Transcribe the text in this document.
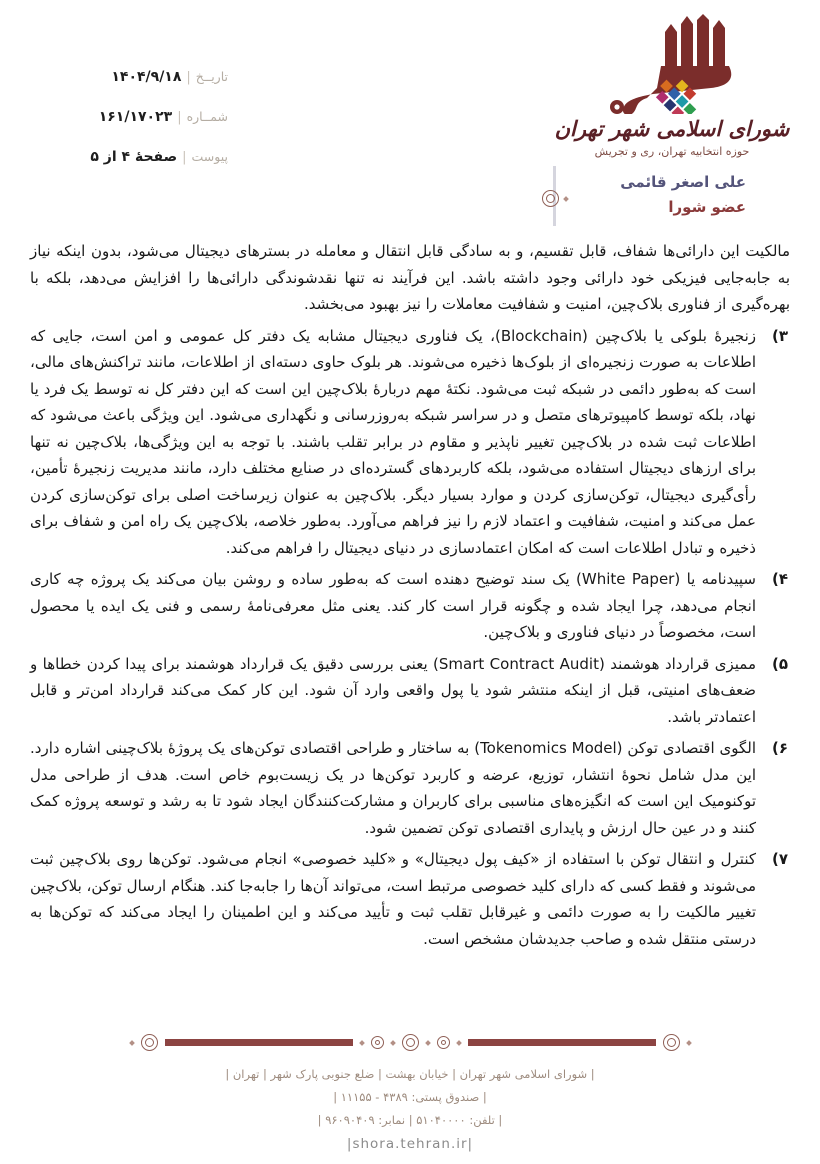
تاریــخ|۱۴۰۴/۹/۱۸
شمــاره|۱۶۱/۱۷۰۲۳
پیوست|صفحهٔ ۴ از ۵
شورای اسلامی شهر تهران
حوزه انتخابیه تهران، ری و تجریش
علی اصغر قائمی
عضو شورا

مالکیت این دارائی‌ها شفاف، قابل تقسیم، و به سادگی قابل انتقال و معامله در بسترهای دیجیتال می‌شود، بدون اینکه نیاز به جابه‌جایی فیزیکی خود دارائی وجود داشته باشد. این فرآیند نه تنها نقدشوندگی دارائی‌ها را افزایش می‌دهد، بلکه با بهره‌گیری از فناوری بلاک‌چین، امنیت و شفافیت معاملات را نیز بهبود می‌بخشد.

۳)
زنجیرهٔ بلوکی یا بلاک‌چین (Blockchain)، یک فناوری دیجیتال مشابه یک دفتر کل عمومی و امن است، جایی که اطلاعات به صورت زنجیره‌ای از بلوک‌ها ذخیره می‌شوند. هر بلوک حاوی دسته‌ای از اطلاعات، مانند تراکنش‌های مالی، است که به‌طور دائمی در شبکه ثبت می‌شود. نکتهٔ مهم دربارهٔ بلاک‌چین این است که این دفتر کل نه توسط یک فرد یا نهاد، بلکه توسط کامپیوترهای متصل و در سراسر شبکه به‌روزرسانی و نگهداری می‌شود. این ویژگی باعث می‌شود که اطلاعات ثبت شده در بلاک‌چین تغییر ناپذیر و مقاوم در برابر تقلب باشند. با توجه به این ویژگی‌ها، بلاک‌چین نه تنها برای ارزهای دیجیتال استفاده می‌شود، بلکه کاربردهای گسترده‌ای در صنایع مختلف دارد، مانند مدیریت زنجیرهٔ تأمین، رأی‌گیری دیجیتال، توکن‌سازی کردن و موارد بسیار دیگر. بلاک‌چین به عنوان زیرساخت اصلی برای توکن‌سازی کردن عمل می‌کند و امنیت، شفافیت و اعتماد لازم را نیز فراهم می‌آورد. به‌طور خلاصه، بلاک‌چین یک راه امن و شفاف برای ذخیره و تبادل اطلاعات است که امکان اعتمادسازی در دنیای دیجیتال را فراهم می‌کند.
۴)
سپیدنامه یا (White Paper) یک سند توضیح دهنده است که به‌طور ساده و روشن بیان می‌کند یک پروژه چه کاری انجام می‌دهد، چرا ایجاد شده و چگونه قرار است کار کند. یعنی مثل معرفی‌نامهٔ رسمی و فنی یک ایده یا محصول است، مخصوصاً در دنیای فناوری و بلاک‌چین.
۵)
ممیزی قرارداد هوشمند (Smart Contract Audit) یعنی بررسی دقیق یک قرارداد هوشمند برای پیدا کردن خطاها و ضعف‌های امنیتی، قبل از اینکه منتشر شود یا پول واقعی وارد آن شود. این کار کمک می‌کند قرارداد امن‌تر و قابل اعتمادتر باشد.
۶)
الگوی اقتصادی توکن (Tokenomics Model) به ساختار و طراحی اقتصادی توکن‌های یک پروژهٔ بلاک‌چینی اشاره دارد. این مدل شامل نحوهٔ انتشار، توزیع، عرضه و کاربرد توکن‌ها در یک زیست‌بوم خاص است. هدف از طراحی مدل توکنومیک این است که انگیزه‌های مناسبی برای کاربران و مشارکت‌کنندگان ایجاد شود تا به رشد و توسعه پروژه کمک کنند و در عین حال ارزش و پایداری اقتصادی توکن تضمین شود.
۷)
کنترل و انتقال توکن با استفاده از «کیف پول دیجیتال» و «کلید خصوصی» انجام می‌شود. توکن‌ها روی بلاک‌چین ثبت می‌شوند و فقط کسی که دارای کلید خصوصی مرتبط است، می‌تواند آن‌ها را جابه‌جا کند. هنگام ارسال توکن، بلاک‌چین تغییر مالکیت را به صورت دائمی و غیرقابل تقلب ثبت و تأیید می‌کند و این اطمینان را ایجاد می‌کند که توکن‌ها به درستی منتقل شده و صاحب جدیدشان مشخص است.
| شورای اسلامی شهر تهران | خیابان بهشت | ضلع جنوبی پارک شهر | تهران |
| صندوق پستی: ۴۳۸۹ - ۱۱۱۵۵ |
| تلفن: ۵۱۰۴۰۰۰۰ | نمابر: ۹۶۰۹۰۴۰۹ |
|shora.tehran.ir|
